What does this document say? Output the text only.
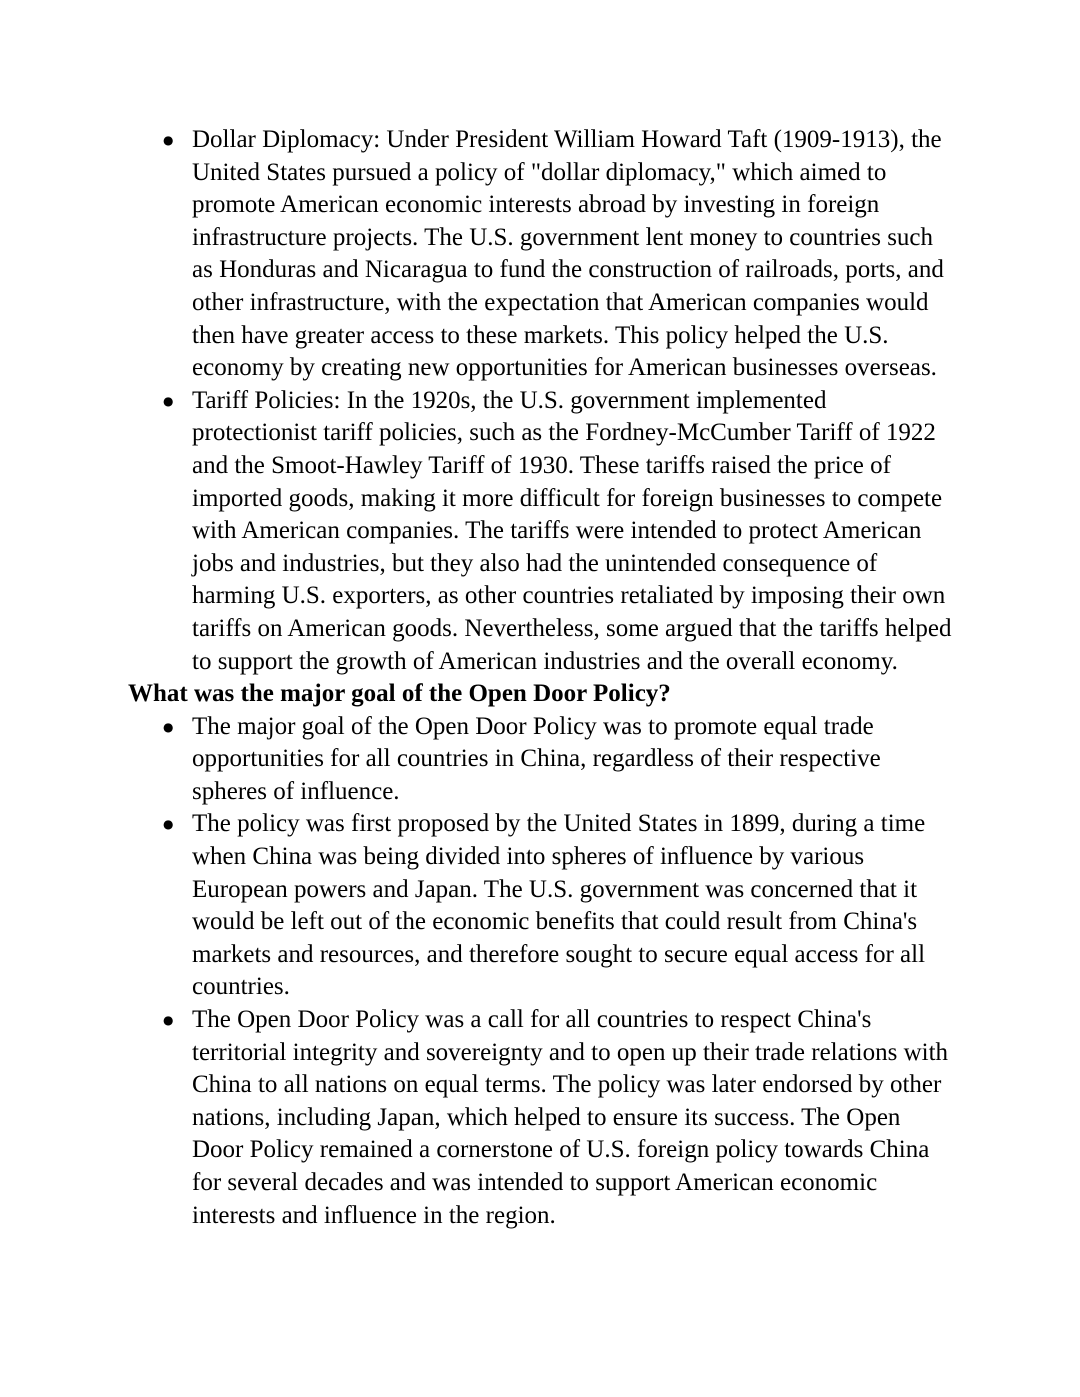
● Dollar Diplomacy: Under President William Howard Taft (1909-1913), the United States pursued a policy of "dollar diplomacy," which aimed to promote American economic interests abroad by investing in foreign infrastructure projects. The U.S. government lent money to countries such as Honduras and Nicaragua to fund the construction of railroads, ports, and other infrastructure, with the expectation that American companies would then have greater access to these markets. This policy helped the U.S. economy by creating new opportunities for American businesses overseas.
● Tariff Policies: In the 1920s, the U.S. government implemented protectionist tariff policies, such as the Fordney-McCumber Tariff of 1922 and the Smoot-Hawley Tariff of 1930. These tariffs raised the price of imported goods, making it more difficult for foreign businesses to compete with American companies. The tariffs were intended to protect American jobs and industries, but they also had the unintended consequence of harming U.S. exporters, as other countries retaliated by imposing their own tariffs on American goods. Nevertheless, some argued that the tariffs helped to support the growth of American industries and the overall economy.

What was the major goal of the Open Door Policy?

● The major goal of the Open Door Policy was to promote equal trade opportunities for all countries in China, regardless of their respective spheres of influence.
● The policy was first proposed by the United States in 1899, during a time when China was being divided into spheres of influence by various European powers and Japan. The U.S. government was concerned that it would be left out of the economic benefits that could result from China's markets and resources, and therefore sought to secure equal access for all countries.
● The Open Door Policy was a call for all countries to respect China's territorial integrity and sovereignty and to open up their trade relations with China to all nations on equal terms. The policy was later endorsed by other nations, including Japan, which helped to ensure its success. The Open Door Policy remained a cornerstone of U.S. foreign policy towards China for several decades and was intended to support American economic interests and influence in the region.
